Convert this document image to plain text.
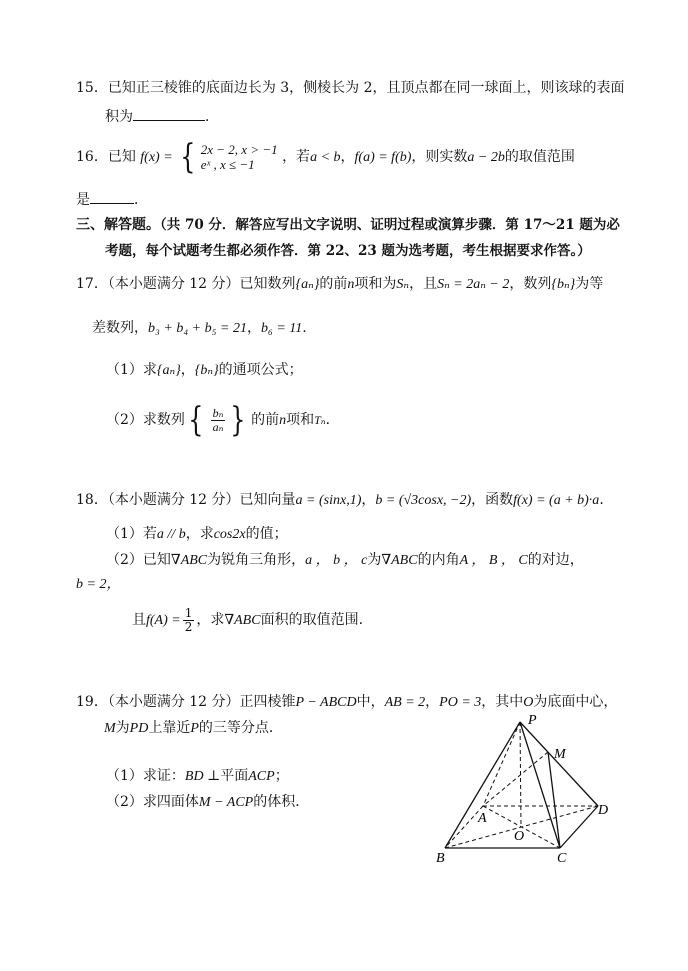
15．已知正三棱锥的底面边长为 3，侧棱长为 2，且顶点都在同一球面上，则该球的表面
积为	．
16．已知 f(x) = { 2x − 2, x > −1
eˣ , x ≤ −1	，若a < b，f(a) = f(b)，则实数a − 2b的取值范围
是	．
三、解答题。（共 70 分．解答应写出文字说明、证明过程或演算步骤．第 17～21 题为必
考题，每个试题考生都必须作答．第 22、23 题为选考题，考生根据要求作答。）
17．（本小题满分 12 分）已知数列{aₙ}的前n项和为Sₙ，且Sₙ = 2aₙ − 2，数列{bₙ}为等
差数列，b₃ + b₄ + b₅ = 21，b₆ = 11.
（1）求{aₙ}，{bₙ}的通项公式；
（2）求数列 { $\frac{\text{bₙ}}{\text{aₙ}}$ } 的前n项和Tₙ．
18．（本小题满分 12 分）已知向量a = (sinx,1)，b = (√3cosx, −2)，函数f(x) = (a + b)·a.
（1）若a // b，求cos2x的值；
（2）已知∇ABC为锐角三角形，a ， b ， c为∇ABC的内角A ， B ， C的对边，
b = 2，
且$f(A) = \frac{1}{2}$ ，求∇ABC面积的取值范围.
19．（本小题满分 12 分）正四棱锥P − ABCD中，AB = 2，PO = 3，其中O为底面中心，
M为PD上靠近P的三等分点．
（1）求证：BD ⊥平面ACP；
（2）求四面体M − ACP的体积．
P
M
A
O
D
B	C
